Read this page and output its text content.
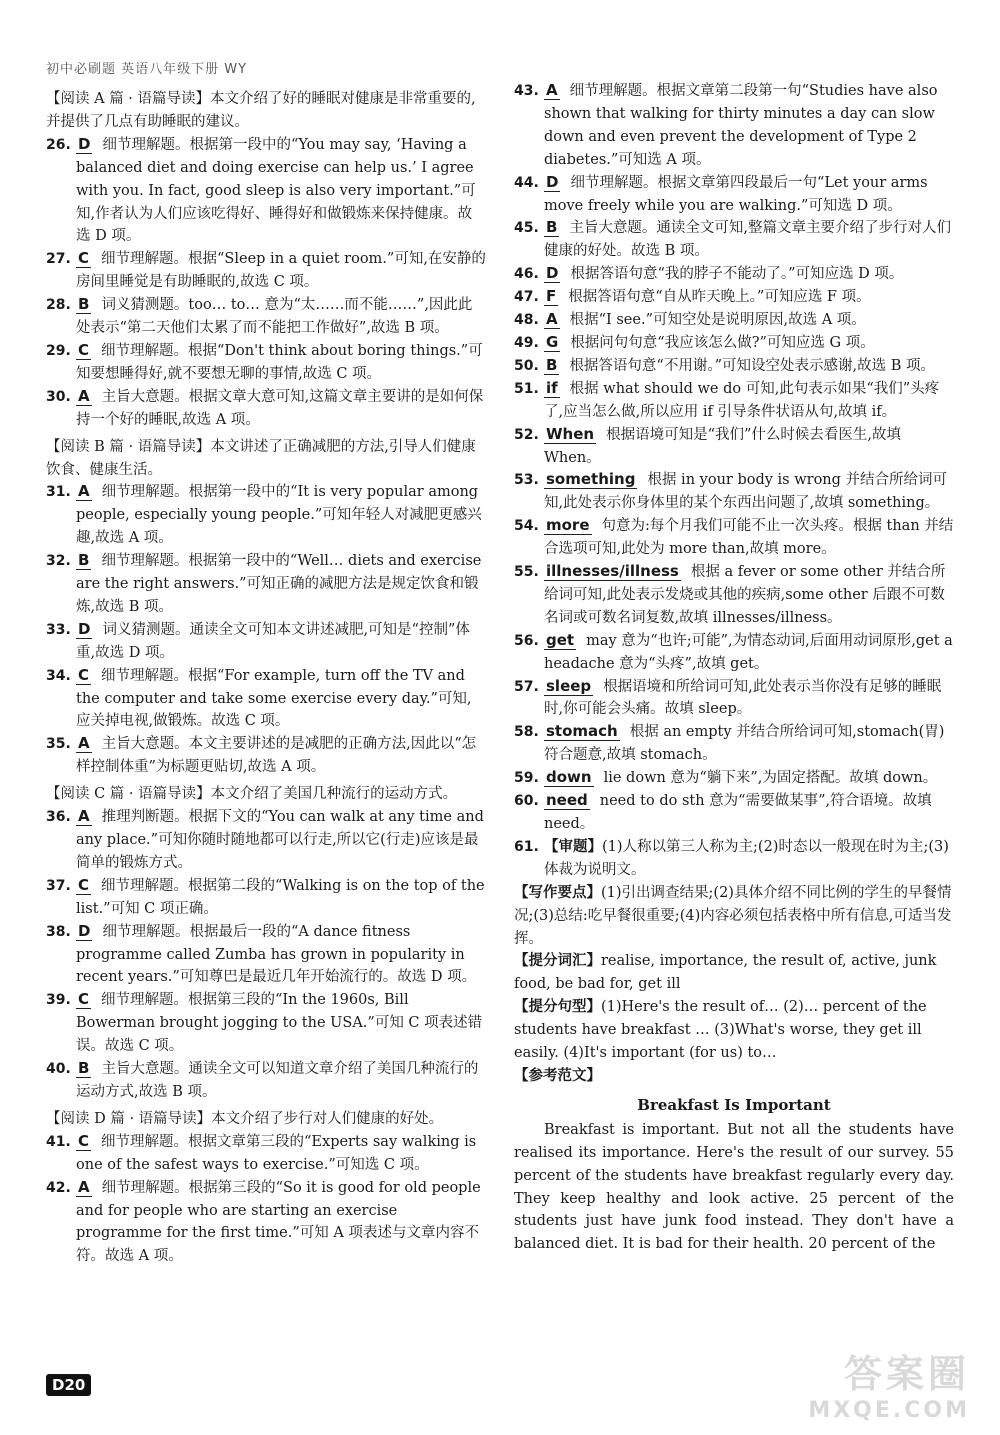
初中必刷题 英语八年级下册 WY
【阅读 A 篇 · 语篇导读】本文介绍了好的睡眠对健康是非常重要的,并提供了几点有助睡眠的建议。
26. D 细节理解题。根据第一段中的“You may say, ‘Having a balanced diet and doing exercise can help us.’ I agree with you. In fact, good sleep is also very important.”可知,作者认为人们应该吃得好、睡得好和做锻炼来保持健康。故选 D 项。
27. C 细节理解题。根据“Sleep in a quiet room.”可知,在安静的房间里睡觉是有助睡眠的,故选 C 项。
28. B 词义猜测题。too… to… 意为“太……而不能……”,因此此处表示“第二天他们太累了而不能把工作做好”,故选 B 项。
29. C 细节理解题。根据“Don't think about boring things.”可知要想睡得好,就不要想无聊的事情,故选 C 项。
30. A 主旨大意题。根据文章大意可知,这篇文章主要讲的是如何保持一个好的睡眠,故选 A 项。
【阅读 B 篇 · 语篇导读】本文讲述了正确减肥的方法,引导人们健康饮食、健康生活。
31. A 细节理解题。根据第一段中的“It is very popular among people, especially young people.”可知年轻人对减肥更感兴趣,故选 A 项。
32. B 细节理解题。根据第一段中的“Well… diets and exercise are the right answers.”可知正确的减肥方法是规定饮食和锻炼,故选 B 项。
33. D 词义猜测题。通读全文可知本文讲述减肥,可知是“控制”体重,故选 D 项。
34. C 细节理解题。根据“For example, turn off the TV and the computer and take some exercise every day.”可知,应关掉电视,做锻炼。故选 C 项。
35. A 主旨大意题。本文主要讲述的是减肥的正确方法,因此以“怎样控制体重”为标题更贴切,故选 A 项。
【阅读 C 篇 · 语篇导读】本文介绍了美国几种流行的运动方式。
36. A 推理判断题。根据下文的“You can walk at any time and any place.”可知你随时随地都可以行走,所以它(行走)应该是最简单的锻炼方式。
37. C 细节理解题。根据第二段的“Walking is on the top of the list.”可知 C 项正确。
38. D 细节理解题。根据最后一段的“A dance fitness programme called Zumba has grown in popularity in recent years.”可知尊巴是最近几年开始流行的。故选 D 项。
39. C 细节理解题。根据第三段的“In the 1960s, Bill Bowerman brought jogging to the USA.”可知 C 项表述错误。故选 C 项。
40. B 主旨大意题。通读全文可以知道文章介绍了美国几种流行的运动方式,故选 B 项。
【阅读 D 篇 · 语篇导读】本文介绍了步行对人们健康的好处。
41. C 细节理解题。根据文章第三段的“Experts say walking is one of the safest ways to exercise.”可知选 C 项。
42. A 细节理解题。根据第三段的“So it is good for old people and for people who are starting an exercise programme for the first time.”可知 A 项表述与文章内容不符。故选 A 项。
43. A 细节理解题。根据文章第二段第一句“Studies have also shown that walking for thirty minutes a day can slow down and even prevent the development of Type 2 diabetes.”可知选 A 项。
44. D 细节理解题。根据文章第四段最后一句“Let your arms move freely while you are walking.”可知选 D 项。
45. B 主旨大意题。通读全文可知,整篇文章主要介绍了步行对人们健康的好处。故选 B 项。
46. D 根据答语句意“我的脖子不能动了。”可知应选 D 项。
47. F 根据答语句意“自从昨天晚上。”可知应选 F 项。
48. A 根据“I see.”可知空处是说明原因,故选 A 项。
49. G 根据问句句意“我应该怎么做?”可知应选 G 项。
50. B 根据答语句意“不用谢。”可知设空处表示感谢,故选 B 项。
51. if 根据 what should we do 可知,此句表示如果“我们”头疼了,应当怎么做,所以应用 if 引导条件状语从句,故填 if。
52. When 根据语境可知是“我们”什么时候去看医生,故填 When。
53. something 根据 in your body is wrong 并结合所给词可知,此处表示你身体里的某个东西出问题了,故填 something。
54. more 句意为:每个月我们可能不止一次头疼。根据 than 并结合选项可知,此处为 more than,故填 more。
55. illnesses/illness 根据 a fever or some other 并结合所给词可知,此处表示发烧或其他的疾病,some other 后跟不可数名词或可数名词复数,故填 illnesses/illness。
56. get may 意为“也许;可能”,为情态动词,后面用动词原形,get a headache 意为“头疼”,故填 get。
57. sleep 根据语境和所给词可知,此处表示当你没有足够的睡眠时,你可能会头痛。故填 sleep。
58. stomach 根据 an empty 并结合所给词可知,stomach(胃)符合题意,故填 stomach。
59. down lie down 意为“躺下来”,为固定搭配。故填 down。
60. need need to do sth 意为“需要做某事”,符合语境。故填 need。
61. 【审题】(1)人称以第三人称为主;(2)时态以一般现在时为主;(3)体裁为说明文。
【写作要点】(1)引出调查结果;(2)具体介绍不同比例的学生的早餐情况;(3)总结:吃早餐很重要;(4)内容必须包括表格中所有信息,可适当发挥。
【提分词汇】realise, importance, the result of, active, junk food, be bad for, get ill
【提分句型】(1)Here's the result of… (2)… percent of the students have breakfast … (3)What's worse, they get ill easily. (4)It's important (for us) to…
【参考范文】
Breakfast Is Important
Breakfast is important. But not all the students have realised its importance. Here's the result of our survey. 55 percent of the students have breakfast regularly every day. They keep healthy and look active. 25 percent of the students just have junk food instead. They don't have a balanced diet. It is bad for their health. 20 percent of the
D20	答案圈
MXQE.COM
